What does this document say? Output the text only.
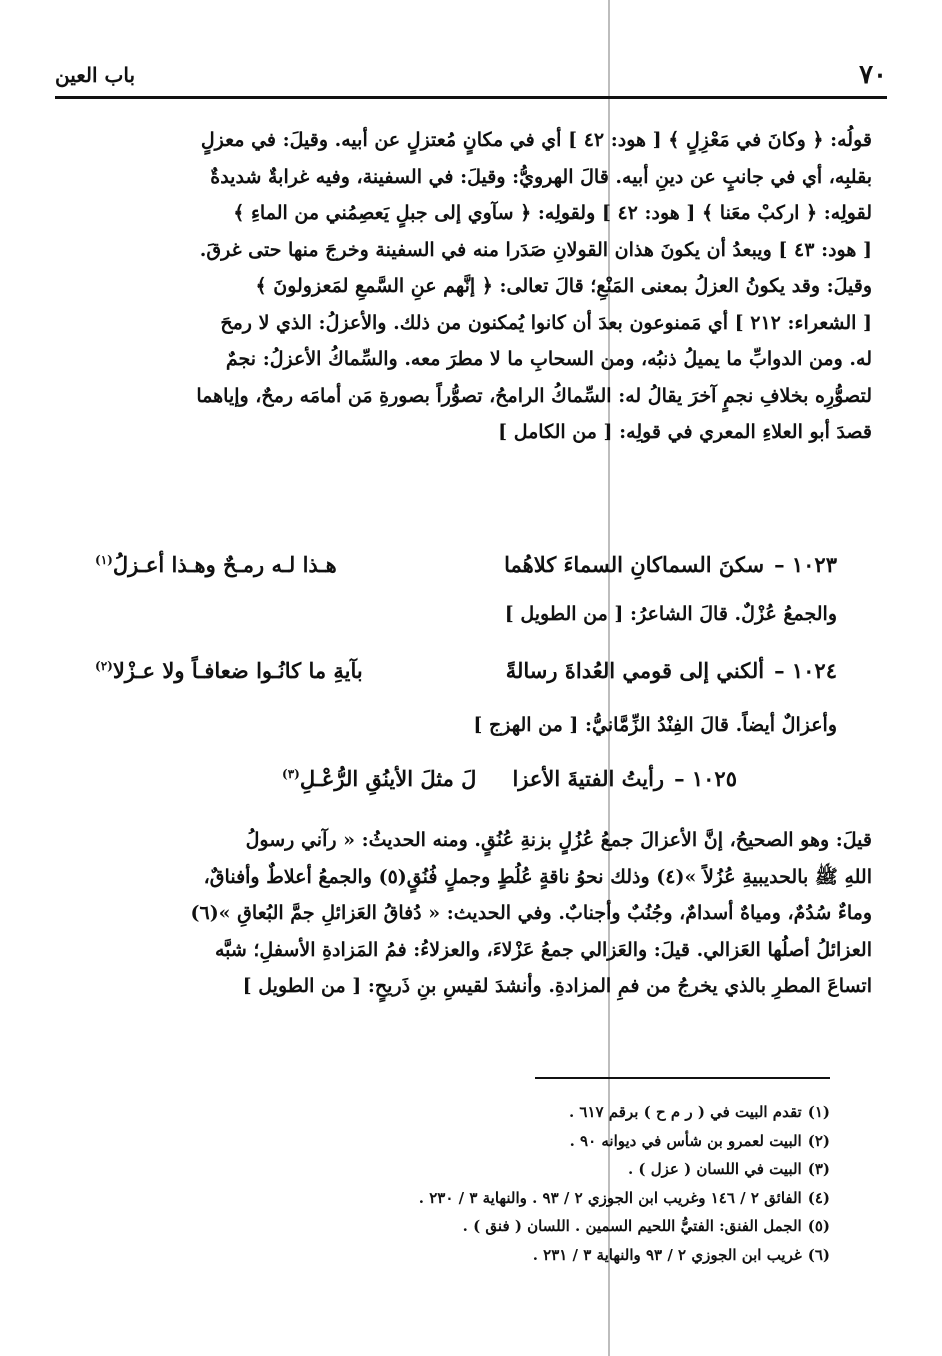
٧٠
باب العين
قولُه: ﴿ وكانَ في مَعْزِلٍ ﴾ [ هود: ٤٢ ] أي في مكانٍ مُعتزلٍ عن أبيه. وقيلَ: في معزلٍ
بقلبِه، أي في جانبٍ عن دينِ أبيه. قالَ الهرويُّ: وقيلَ: في السفينة، وفيه غرابةٌ شديدةٌ
لقولِه: ﴿ اركبْ معَنا ﴾ [ هود: ٤٢ ] ولقولِه: ﴿ سآوي إلى جبلٍ يَعصِمُني من الماءِ ﴾
[ هود: ٤٣ ] ويبعدُ أن يكونَ هذان القولانِ صَدَرا منه في السفينة وخرجَ منها حتى غرقَ.
وقيلَ: وقد يكونُ العزلُ بمعنى المَنْعِ؛ قالَ تعالى: ﴿ إنَّهم عنِ السَّمعِ لمَعزولونَ ﴾
[ الشعراء: ٢١٢ ] أي مَمنوعون بعدَ أن كانوا يُمكنون من ذلك. والأعزلُ: الذي لا رمحَ
له. ومن الدوابِّ ما يميلُ ذنبُه، ومن السحابِ ما لا مطرَ معه. والسِّماكُ الأعزلُ: نجمٌ
لتصوُّرِه بخلافِ نجمٍ آخرَ يقالُ له: السِّماكُ الرامحُ، تصوُّراً بصورةِ مَن أمامَه رمحٌ، وإياهما
قصدَ أبو العلاءِ المعري في قولِه: [ من الكامل ]
١٠٢٣ –سكنَ السماكانِ السماءَ كلاهُما
هـذا لـه رمـحٌ وهـذا أعـزلُ$^{(١)}$
والجمعُ عُزْلٌ. قالَ الشاعرُ: [ من الطويل ]
١٠٢٤ –ألكني إلى قومي العُداةَ رسالةً
بآيةِ ما كانُـوا ضعافـاً ولا عـزْلا$^{(٢)}$
وأعزالٌ أيضاً. قالَ الفِنْدُ الزِّمَّانيُّ: [ من الهزج ]
١٠٢٥ –رأيتُ الفتيةَ الأعزا
لَ مثلَ الأينُقِ الرُّعْـلِ$^{(٣)}$
قيلَ: وهو الصحيحُ، إنَّ الأعزالَ جمعُ عُزُلٍ بزنةِ عُنُقٍ. ومنه الحديثُ: « رآني رسولُ
اللهِ ﷺ بالحديبيةِ عُزُلاً »(٤) وذلك نحوُ ناقةٍ عُلُطٍ وجملٍ فُنُقٍ(٥) والجمعُ أعلاطٌ وأفناقٌ،
وماءٌ سُدُمٌ، ومياهٌ أسدامٌ، وجُنُبٌ وأجنابٌ. وفي الحديث: « دُفاقُ العَزائلِ جمَّ البُعاقِ »(٦)
العزائلُ أصلُها العَزالي. قيلَ: والعَزالي جمعُ عَزْلاءَ، والعزلاءُ: فمُ المَزادةِ الأسفلِ؛ شبَّه
اتساعَ المطرِ بالذي يخرجُ من فمِ المزادةِ. وأنشدَ لقيسِ بنِ ذَريحٍ: [ من الطويل ]
(١)تقدم البيت في ( ر م ح ) برقم ٦١٧ .
(٢)البيت لعمرو بن شأس في ديوانه ٩٠ .
(٣)البيت في اللسان ( عزل ) .
(٤)الفائق ٢ / ١٤٦ وغريب ابن الجوزي ٢ / ٩٣ . والنهاية ٣ / ٢٣٠ .
(٥)الجمل الفنق: الفتيُّ اللحيم السمين . اللسان ( فنق ) .
(٦)غريب ابن الجوزي ٢ / ٩٣ والنهاية ٣ / ٢٣١ .
